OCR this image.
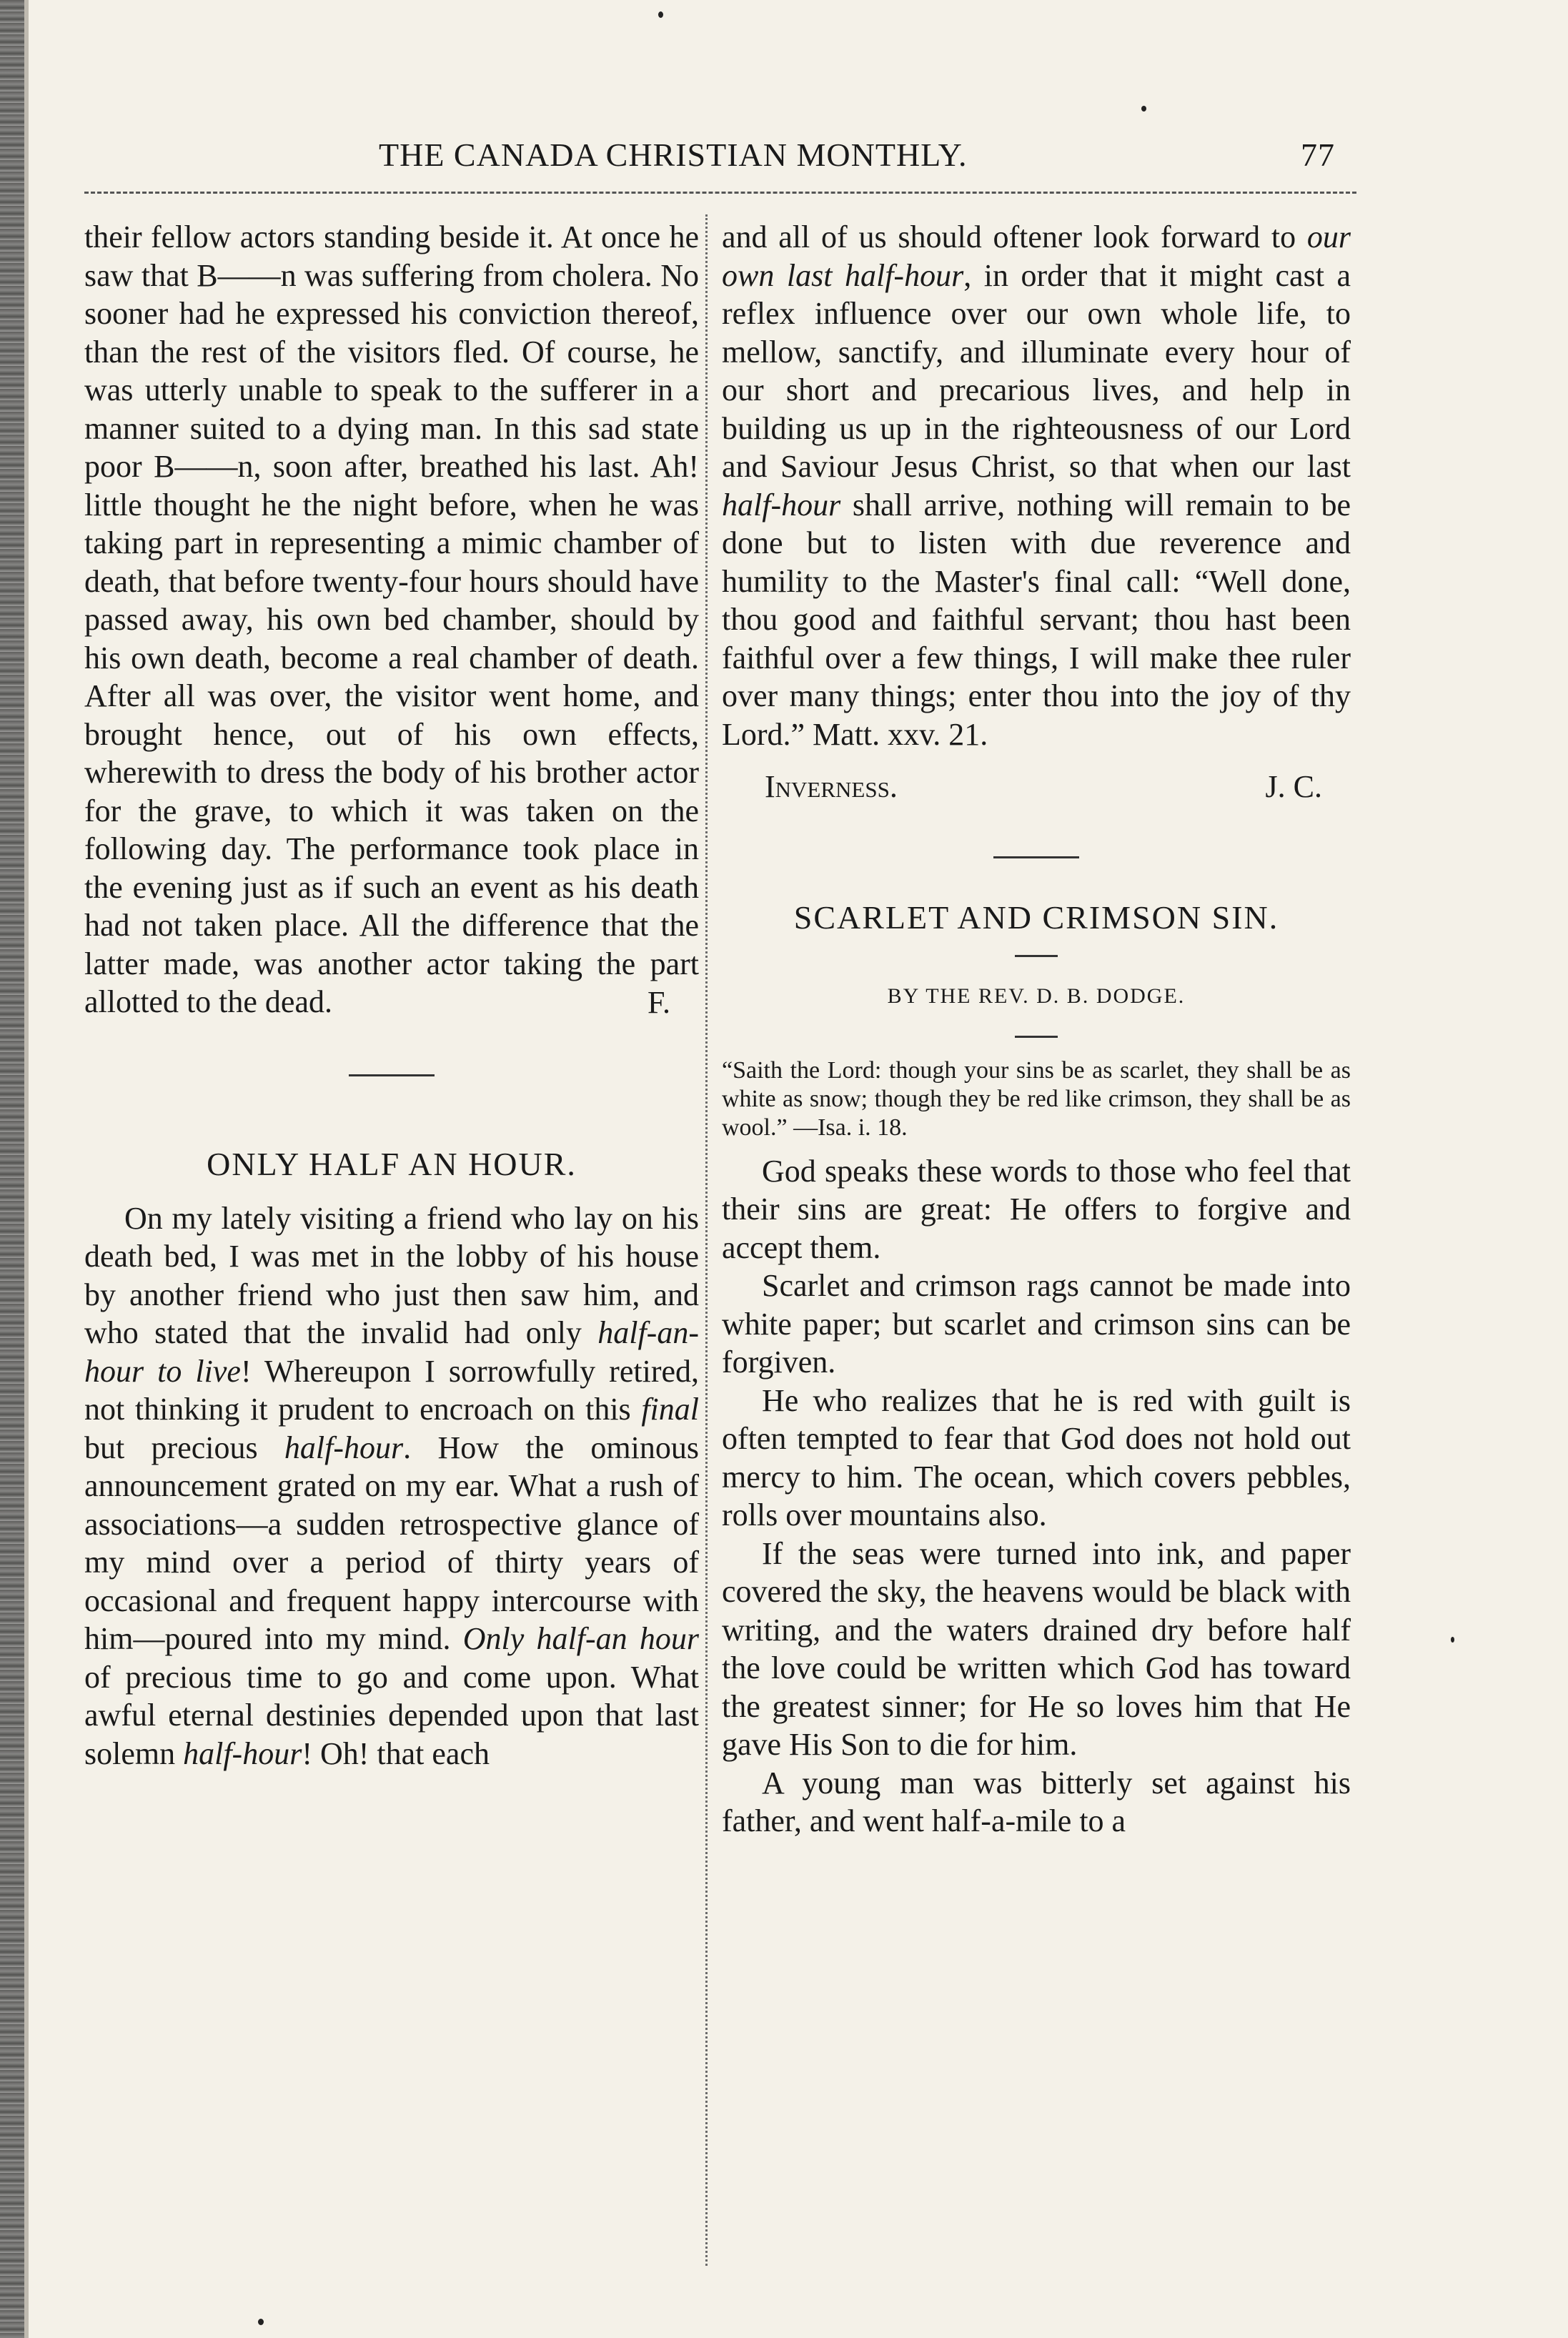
THE CANADA CHRISTIAN MONTHLY.	77

their fellow actors standing beside it. At once he saw that B——n was suffering from cholera. No sooner had he expressed his conviction thereof, than the rest of the visitors fled. Of course, he was utterly unable to speak to the sufferer in a manner suited to a dying man. In this sad state poor B——n, soon after, breathed his last. Ah! little thought he the night before, when he was taking part in representing a mimic chamber of death, that before twenty-four hours should have passed away, his own bed chamber, should by his own death, become a real chamber of death. After all was over, the visitor went home, and brought hence, out of his own effects, wherewith to dress the body of his brother actor for the grave, to which it was taken on the following day. The performance took place in the evening just as if such an event as his death had not taken place. All the difference that the latter made, was another actor taking the part allotted to the dead.	F.

ONLY HALF AN HOUR.

On my lately visiting a friend who lay on his death bed, I was met in the lobby of his house by another friend who just then saw him, and who stated that the invalid had only half-an-hour to live! Whereupon I sorrowfully retired, not thinking it prudent to encroach on this final but precious half-hour. How the ominous announcement grated on my ear. What a rush of associations—a sudden retrospective glance of my mind over a period of thirty years of occasional and frequent happy intercourse with him—poured into my mind. Only half-an hour of precious time to go and come upon. What awful eternal destinies depended upon that last solemn half-hour! Oh! that each

and all of us should oftener look forward to our own last half-hour, in order that it might cast a reflex influence over our own whole life, to mellow, sanctify, and illuminate every hour of our short and precarious lives, and help in building us up in the righteousness of our Lord and Saviour Jesus Christ, so that when our last half-hour shall arrive, nothing will remain to be done but to listen with due reverence and humility to the Master's final call: “Well done, thou good and faithful servant; thou hast been faithful over a few things, I will make thee ruler over many things; enter thou into the joy of thy Lord.” Matt. xxv. 21.

Inverness.	J. C.

SCARLET AND CRIMSON SIN.

BY THE REV. D. B. DODGE.

“Saith the Lord: though your sins be as scarlet, they shall be as white as snow; though they be red like crimson, they shall be as wool.” —Isa. i. 18.

God speaks these words to those who feel that their sins are great: He offers to forgive and accept them.

Scarlet and crimson rags cannot be made into white paper; but scarlet and crimson sins can be forgiven.

He who realizes that he is red with guilt is often tempted to fear that God does not hold out mercy to him. The ocean, which covers pebbles, rolls over mountains also.

If the seas were turned into ink, and paper covered the sky, the heavens would be black with writing, and the waters drained dry before half the love could be written which God has toward the greatest sinner; for He so loves him that He gave His Son to die for him.

A young man was bitterly set against his father, and went half-a-mile to a
